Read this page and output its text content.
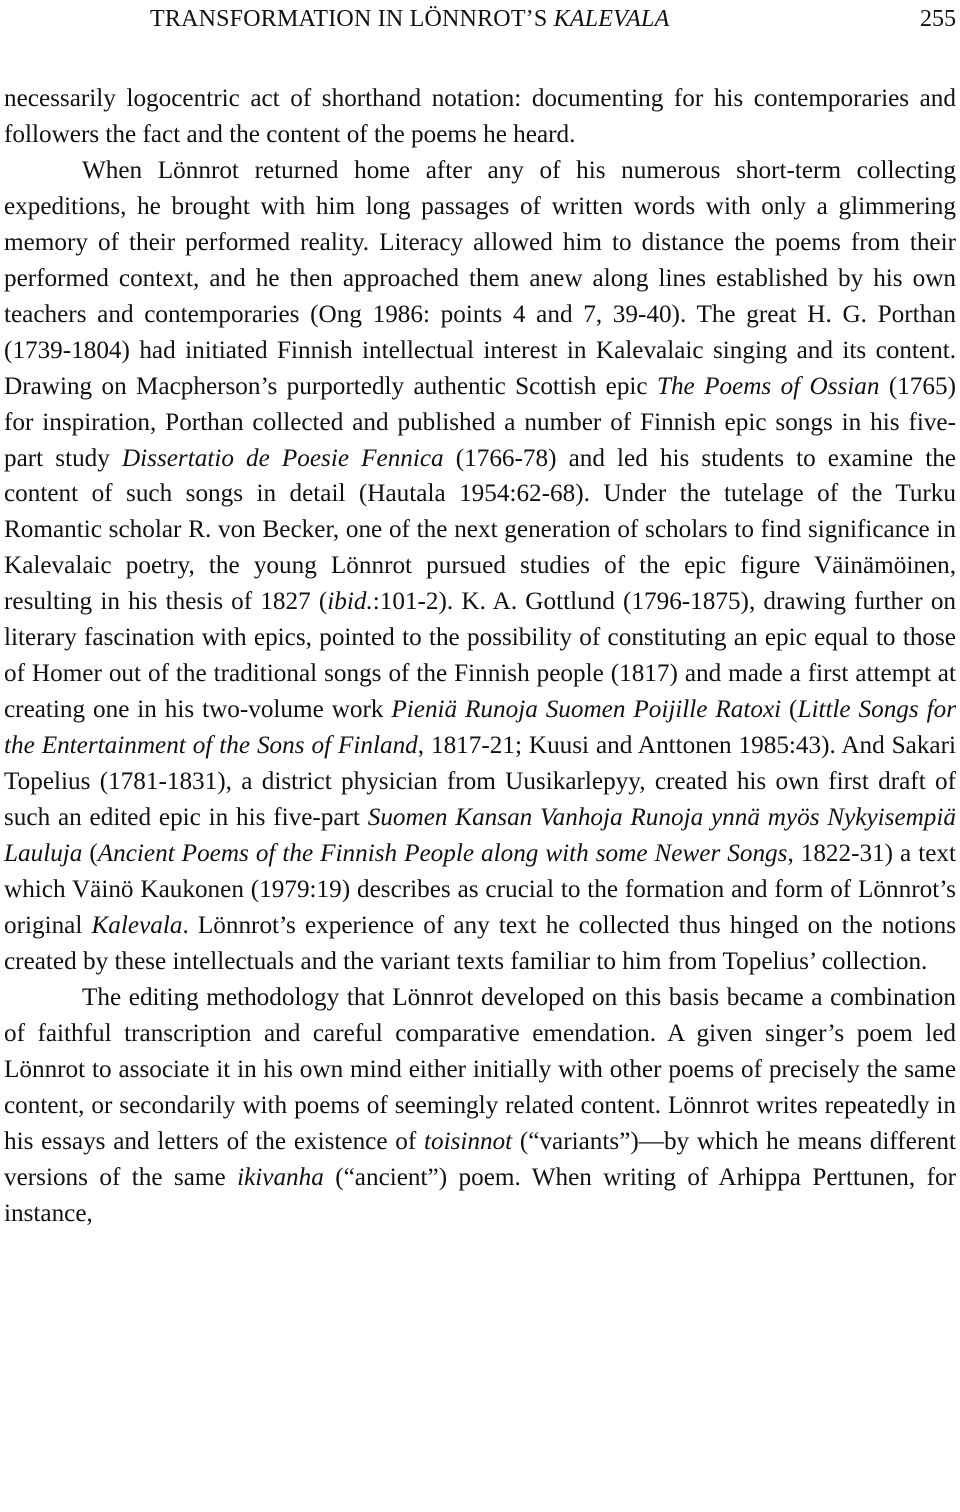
TRANSFORMATION IN LÖNNROT’S KALEVALA	255

necessarily logocentric act of shorthand notation: documenting for his contemporaries and followers the fact and the content of the poems he heard.

When Lönnrot returned home after any of his numerous short-term collecting expeditions, he brought with him long passages of written words with only a glimmering memory of their performed reality. Literacy allowed him to distance the poems from their performed context, and he then approached them anew along lines established by his own teachers and contemporaries (Ong 1986: points 4 and 7, 39-40). The great H. G. Porthan (1739-1804) had initiated Finnish intellectual interest in Kalevalaic singing and its content. Drawing on Macpherson’s purportedly authentic Scottish epic The Poems of Ossian (1765) for inspiration, Porthan collected and published a number of Finnish epic songs in his five-part study Dissertatio de Poesie Fennica (1766-78) and led his students to examine the content of such songs in detail (Hautala 1954:62-68). Under the tutelage of the Turku Romantic scholar R. von Becker, one of the next generation of scholars to find significance in Kalevalaic poetry, the young Lönnrot pursued studies of the epic figure Väinämöinen, resulting in his thesis of 1827 (ibid.:101-2). K. A. Gottlund (1796-1875), drawing further on literary fascination with epics, pointed to the possibility of constituting an epic equal to those of Homer out of the traditional songs of the Finnish people (1817) and made a first attempt at creating one in his two-volume work Pieniä Runoja Suomen Poijille Ratoxi (Little Songs for the Entertainment of the Sons of Finland, 1817-21; Kuusi and Anttonen 1985:43). And Sakari Topelius (1781-1831), a district physician from Uusikarlepyy, created his own first draft of such an edited epic in his five-part Suomen Kansan Vanhoja Runoja ynnä myös Nykyisempiä Lauluja (Ancient Poems of the Finnish People along with some Newer Songs, 1822-31) a text which Väinö Kaukonen (1979:19) describes as crucial to the formation and form of Lönnrot’s original Kalevala. Lönnrot’s experience of any text he collected thus hinged on the notions created by these intellectuals and the variant texts familiar to him from Topelius’ collection.

The editing methodology that Lönnrot developed on this basis became a combination of faithful transcription and careful comparative emendation. A given singer’s poem led Lönnrot to associate it in his own mind either initially with other poems of precisely the same content, or secondarily with poems of seemingly related content. Lönnrot writes repeatedly in his essays and letters of the existence of toisinnot (“variants”)—by which he means different versions of the same ikivanha (“ancient”) poem. When writing of Arhippa Perttunen, for instance,
